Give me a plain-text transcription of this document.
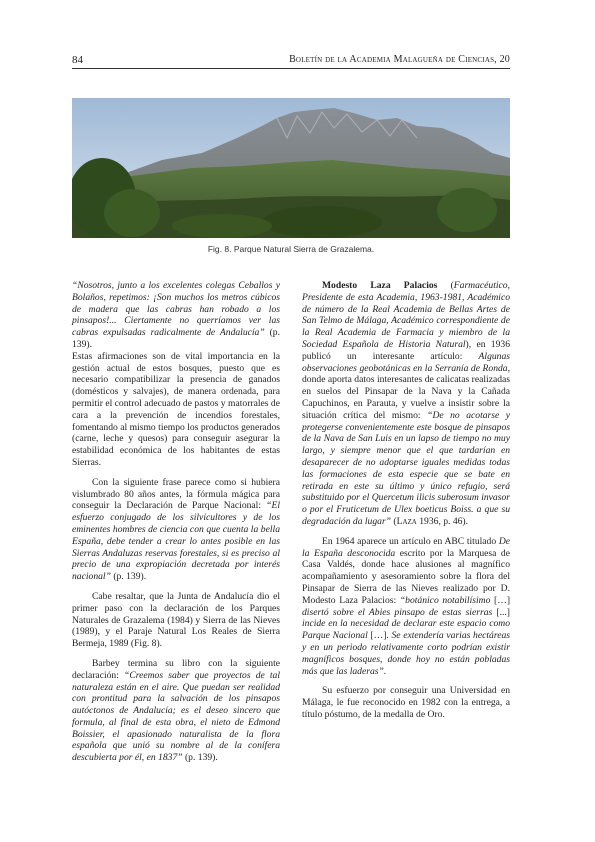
84	Boletín de la Academia Malagueña de Ciencias, 20
Fig. 8. Parque Natural Sierra de Grazalema.

“Nosotros, junto a los excelentes colegas Ceballos y Bolaños, repetimos: ¡Son muchos los metros cúbicos de madera que las cabras han robado a los pinsapos!... Ciertamente no querríamos ver las cabras expulsadas radicalmente de Andalucía” (p. 139).
Estas afirmaciones son de vital importancia en la gestión actual de estos bosques, puesto que es necesario compatibilizar la presencia de ganados (domésticos y salvajes), de manera ordenada, para permitir el control adecuado de pastos y matorrales de cara a la prevención de incendios forestales, fomentando al mismo tiempo los productos generados (carne, leche y quesos) para conseguir asegurar la estabilidad económica de los habitantes de estas Sierras.

Con la siguiente frase parece como si hubiera vislumbrado 80 años antes, la fórmula mágica para conseguir la Declaración de Parque Nacional: “El esfuerzo conjugado de los silvicultores y de los eminentes hombres de ciencia con que cuenta la bella España, debe tender a crear lo antes posible en las Sierras Andaluzas reservas forestales, si es preciso al precio de una expropiación decretada por interés nacional” (p. 139).

Cabe resaltar, que la Junta de Andalucía dio el primer paso con la declaración de los Parques Naturales de Grazalema (1984) y Sierra de las Nieves (1989), y el Paraje Natural Los Reales de Sierra Bermeja, 1989 (Fig. 8).

Barbey termina su libro con la siguiente declaración: “Creemos saber que proyectos de tal naturaleza están en el aire. Que puedan ser realidad con prontitud para la salvación de los pinsapos autóctonos de Andalucía; es el deseo sincero que formula, al final de esta obra, el nieto de Edmond Boissier, el apasionado naturalista de la flora española que unió su nombre al de la conífera descubierta por él, en 1837” (p. 139).

Modesto Laza Palacios (Farmacéutico, Presidente de esta Academia, 1963-1981, Académico de número de la Real Academia de Bellas Artes de San Telmo de Málaga, Académico correspondiente de la Real Academia de Farmacia y miembro de la Sociedad Española de Historia Natural), en 1936 publicó un interesante artículo: Algunas observaciones geobotánicas en la Serranía de Ronda, donde aporta datos interesantes de calicatas realizadas en suelos del Pinsapar de la Nava y la Cañada Capuchinos, en Parauta, y vuelve a insistir sobre la situación crítica del mismo: “De no acotarse y protegerse convenientemente este bosque de pinsapos de la Nava de San Luis en un lapso de tiempo no muy largo, y siempre menor que el que tardarían en desaparecer de no adoptarse iguales medidas todas las formaciones de esta especie que se bate en retirada en este su último y único refugio, será substituido por el Quercetum ilicis suberosum invasor o por el Fruticetum de Ulex boeticus Boiss. a que su degradación da lugar” (Laza 1936, p. 46).

En 1964 aparece un artículo en ABC titulado De la España desconocida escrito por la Marquesa de Casa Valdés, donde hace alusiones al magnífico acompañamiento y asesoramiento sobre la flora del Pinsapar de Sierra de las Nieves realizado por D. Modesto Laza Palacios: “botánico notabilísimo […] disertó sobre el Abies pinsapo de estas sierras [...] incide en la necesidad de declarar este espacio como Parque Nacional […]. Se extendería varias hectáreas y en un periodo relativamente corto podrían existir magníficos bosques, donde hoy no están pobladas más que las laderas”.

Su esfuerzo por conseguir una Universidad en Málaga, le fue reconocido en 1982 con la entrega, a título póstumo, de la medalla de Oro.
